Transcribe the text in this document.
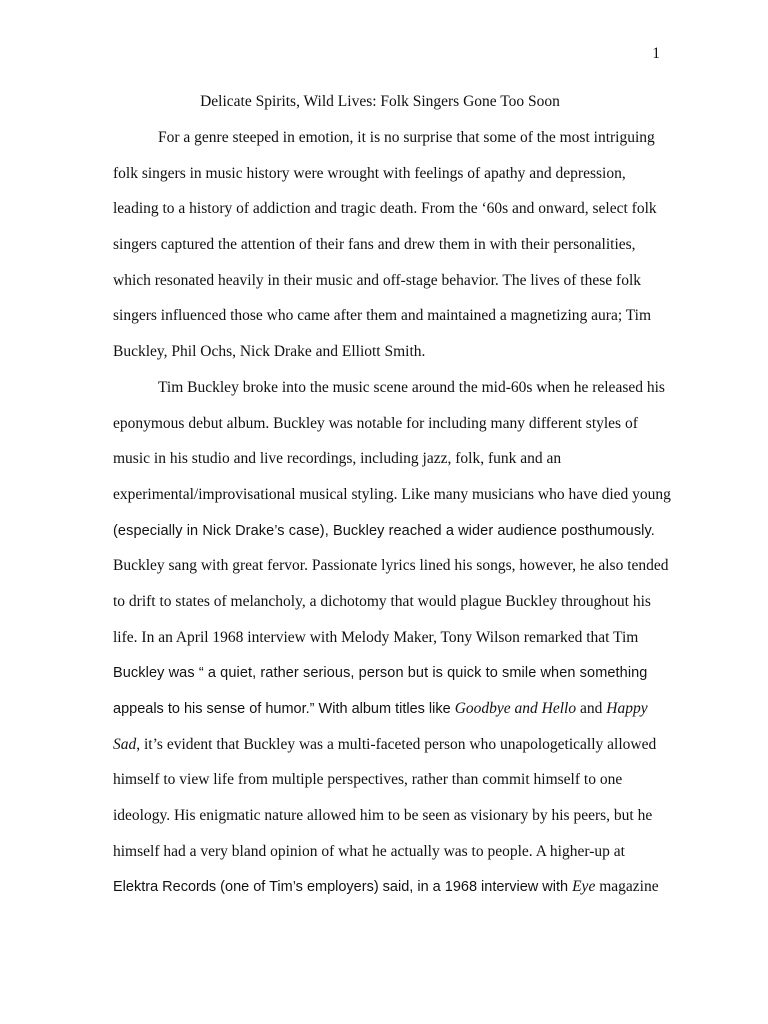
1
Delicate Spirits, Wild Lives: Folk Singers Gone Too Soon
For a genre steeped in emotion, it is no surprise that some of the most intriguing
folk singers in music history were wrought with feelings of apathy and depression,
leading to a history of addiction and tragic death. From the ‘60s and onward, select folk
singers captured the attention of their fans and drew them in with their personalities,
which resonated heavily in their music and off-stage behavior. The lives of these folk
singers influenced those who came after them and maintained a magnetizing aura; Tim
Buckley, Phil Ochs, Nick Drake and Elliott Smith.
Tim Buckley broke into the music scene around the mid-60s when he released his
eponymous debut album. Buckley was notable for including many different styles of
music in his studio and live recordings, including jazz, folk, funk and an
experimental/improvisational musical styling. Like many musicians who have died young
(especially in Nick Drake’s case), Buckley reached a wider audience posthumously.
Buckley sang with great fervor. Passionate lyrics lined his songs, however, he also tended
to drift to states of melancholy, a dichotomy that would plague Buckley throughout his
life. In an April 1968 interview with Melody Maker, Tony Wilson remarked that Tim
Buckley was “ a quiet, rather serious, person but is quick to smile when something
appeals to his sense of humor.” With album titles like Goodbye and Hello and Happy
Sad, it’s evident that Buckley was a multi-faceted person who unapologetically allowed
himself to view life from multiple perspectives, rather than commit himself to one
ideology. His enigmatic nature allowed him to be seen as visionary by his peers, but he
himself had a very bland opinion of what he actually was to people. A higher-up at
Elektra Records (one of Tim’s employers) said, in a 1968 interview with Eye magazine
